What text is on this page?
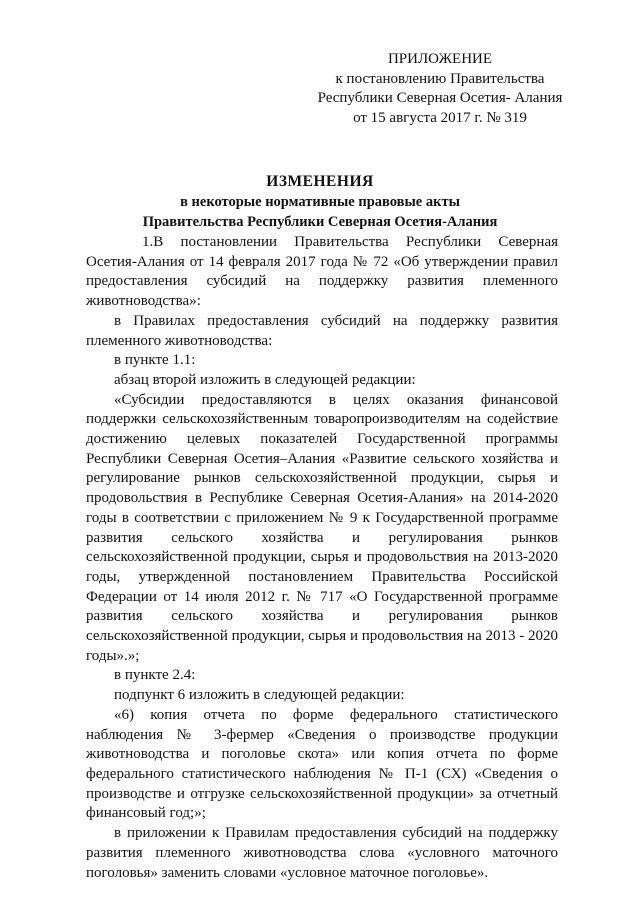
ПРИЛОЖЕНИЕ
к постановлению Правительства
Республики Северная Осетия- Алания
от 15 августа 2017 г. № 319
ИЗМЕНЕНИЯ
в некоторые нормативные правовые акты
Правительства Республики Северная Осетия-Алания

1.В постановлении Правительства Республики Северная Осетия-Алания от 14 февраля 2017 года № 72 «Об утверждении правил предоставления субсидий на поддержку развития племенного животноводства»:

в Правилах предоставления субсидий на поддержку развития племенного животноводства:

в пункте 1.1:

абзац второй изложить в следующей редакции:

«Субсидии предоставляются в целях оказания финансовой поддержки сельскохозяйственным товаропроизводителям на содействие достижению целевых показателей Государственной программы Республики Северная Осетия–Алания «Развитие сельского хозяйства и регулирование рынков сельскохозяйственной продукции, сырья и продовольствия в Республике Северная Осетия-Алания» на 2014-2020 годы в соответствии с приложением № 9 к Государственной программе развития сельского хозяйства и регулирования рынков сельскохозяйственной продукции, сырья и продовольствия на 2013-2020 годы, утвержденной постановлением Правительства Российской Федерации от 14 июля 2012 г. № 717 «О Государственной программе развития сельского хозяйства и регулирования рынков сельскохозяйственной продукции, сырья и продовольствия на 2013 - 2020 годы».»;

в пункте 2.4:

подпункт 6 изложить в следующей редакции:

«6) копия отчета по форме федерального статистического наблюдения № 3-фермер «Сведения о производстве продукции животноводства и поголовье скота» или копия отчета по форме федерального статистического наблюдения № П-1 (СХ) «Сведения о производстве и отгрузке сельскохозяйственной продукции» за отчетный финансовый год;»;

в приложении к Правилам предоставления субсидий на поддержку развития племенного животноводства слова «условного маточного поголовья» заменить словами «условное маточное поголовье».
